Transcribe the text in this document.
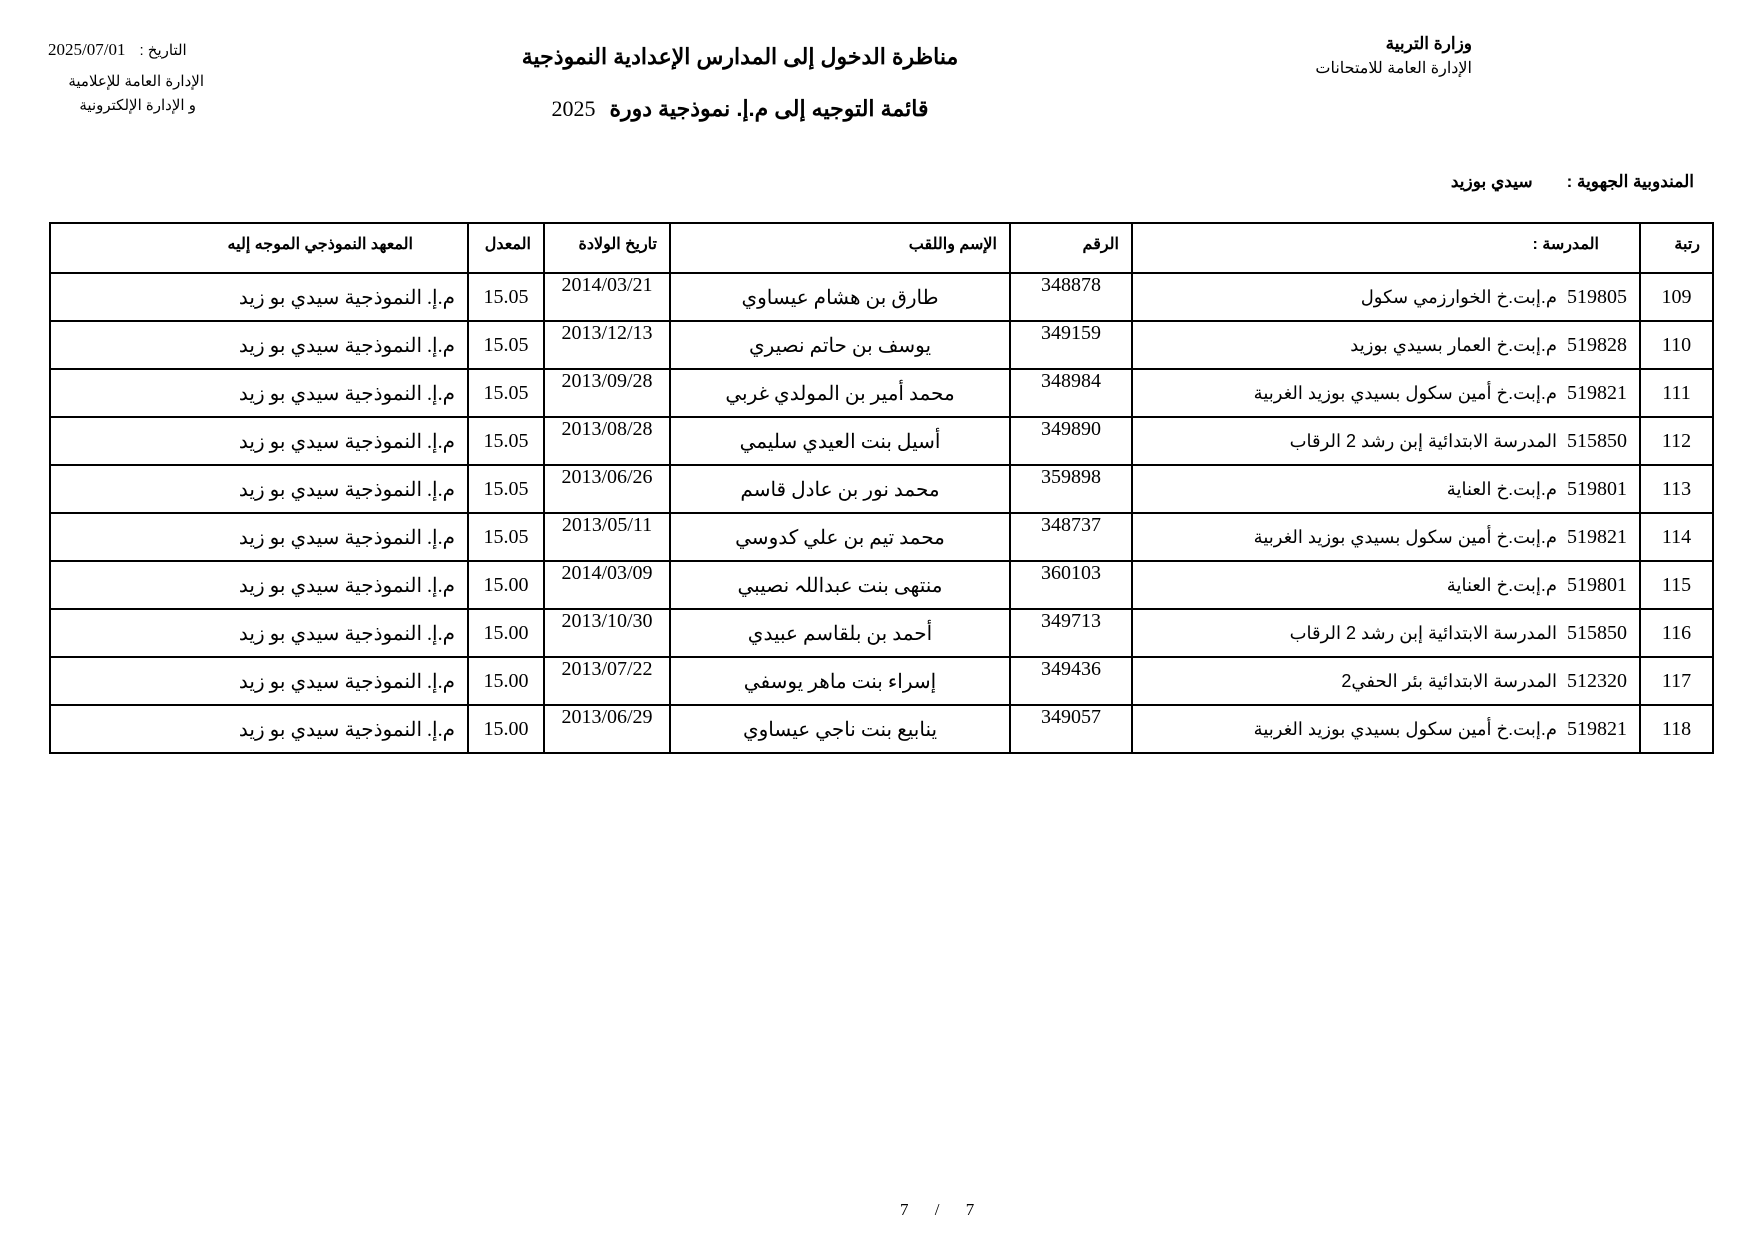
وزارة التربية
الإدارة العامة للامتحانات
مناظرة الدخول إلى المدارس الإعدادية النموذجية
قائمة التوجيه إلى م.إ. نموذجية دورة2025
التاريخ :2025/07/01
الإدارة العامة للإعلامية
و الإدارة الإلكترونية
المندوبية الجهوية :سيدي بوزيد
رتبة	المدرسة :	الرقم	الإسم واللقب	تاريخ الولادة	المعدل	المعهد النموذجي الموجه إليه
109	519805م.إبت.خ الخوارزمي سكول	348878	طارق بن هشام عيساوي	2014/03/21	15.05	م.إ. النموذجية سيدي بو زيد
110	519828م.إبت.خ العمار بسيدي بوزيد	349159	يوسف بن حاتم نصيري	2013/12/13	15.05	م.إ. النموذجية سيدي بو زيد
111	519821م.إبت.خ أمين سكول بسيدي بوزيد الغربية	348984	محمد أمير بن المولدي غربي	2013/09/28	15.05	م.إ. النموذجية سيدي بو زيد
112	515850المدرسة الابتدائية إبن رشد 2 الرقاب	349890	أسيل بنت العيدي سليمي	2013/08/28	15.05	م.إ. النموذجية سيدي بو زيد
113	519801م.إبت.خ العناية	359898	محمد نور بن عادل قاسم	2013/06/26	15.05	م.إ. النموذجية سيدي بو زيد
114	519821م.إبت.خ أمين سكول بسيدي بوزيد الغربية	348737	محمد تيم بن علي كدوسي	2013/05/11	15.05	م.إ. النموذجية سيدي بو زيد
115	519801م.إبت.خ العناية	360103	منتهى بنت عبداللہ نصيبي	2014/03/09	15.00	م.إ. النموذجية سيدي بو زيد
116	515850المدرسة الابتدائية إبن رشد 2 الرقاب	349713	أحمد بن بلقاسم عبيدي	2013/10/30	15.00	م.إ. النموذجية سيدي بو زيد
117	512320المدرسة الابتدائية بئر الحفي2	349436	إسراء بنت ماهر يوسفي	2013/07/22	15.00	م.إ. النموذجية سيدي بو زيد
118	519821م.إبت.خ أمين سكول بسيدي بوزيد الغربية	349057	ينابيع بنت ناجي عيساوي	2013/06/29	15.00	م.إ. النموذجية سيدي بو زيد
7 / 7
